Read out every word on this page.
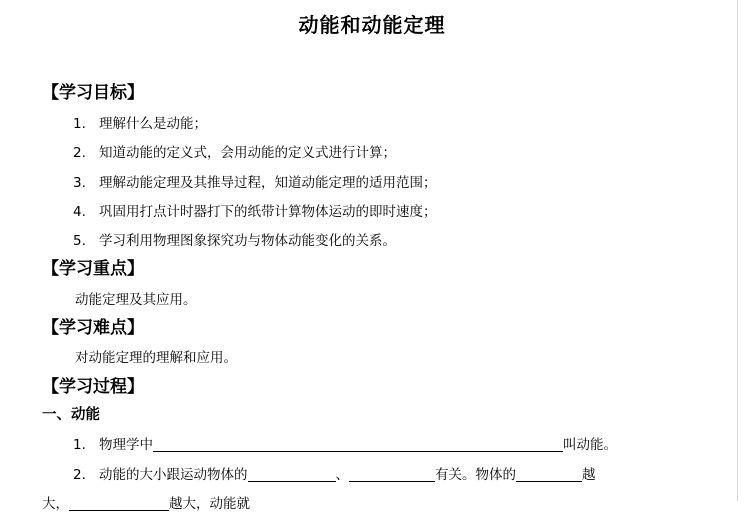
动能和动能定理
【学习目标】
1. 理解什么是动能；
2. 知道动能的定义式，会用动能的定义式进行计算；
3. 理解动能定理及其推导过程，知道动能定理的适用范围；
4. 巩固用打点计时器打下的纸带计算物体运动的即时速度；
5. 学习利用物理图象探究功与物体动能变化的关系。
【学习重点】
动能定理及其应用。
【学习难点】
对动能定理的理解和应用。
【学习过程】
一、动能
1. 物理学中	叫动能。
2. 动能的大小跟运动物体的	、	有关。物体的	越
大，	越大，动能就
